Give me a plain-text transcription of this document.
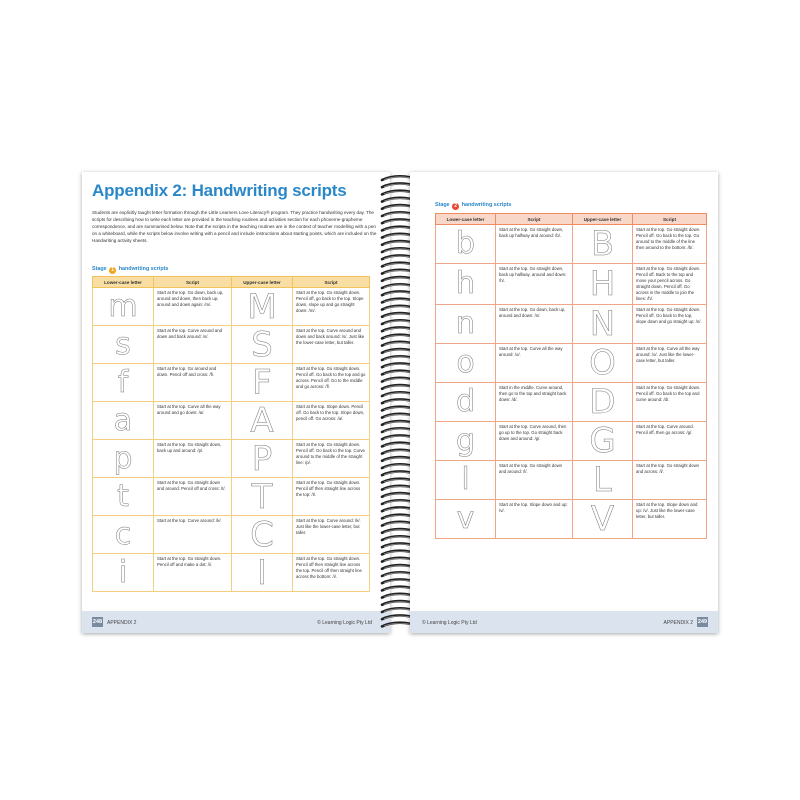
Appendix 2: Handwriting scripts
Students are explicitly taught letter formation through the Little Learners Love Literacy® program. They practice handwriting every day. The scripts for describing how to write each letter are provided in the teaching routines and activities section for each phoneme-grapheme correspondence, and are summarised below. Note that the scripts in the teaching routines are in the context of teacher modelling with a pen on a whiteboard, while the scripts below involve writing with a pencil and include instructions about starting points, which are included on the Handwriting activity sheets.
Stage 1 handwriting scripts
Lower-case letter	Script	Upper-case letter	Script
m	Start at the top. Go down, back up, around and down, then back up, around and down again: /m/.	M	Start at the top. Go straight down. Pencil off, go back to the top. Slope down, slope up and go straight down: /m/.
s	Start at the top. Curve around and down and back around: /s/.	S	Start at the top. Curve around and down and back around: /s/. Just like the lower-case letter, but taller.
f	Start at the top. Go around and down. Pencil off and cross: /f/.	F	Start at the top. Go straight down. Pencil off. Go back to the top and go across. Pencil off. Go to the middle and go across: /f/.
a	Start at the top. Curve all the way around and go down: /a/.	A	Start at the top. Slope down. Pencil off. Go back to the top. Slope down, pencil off. Go across: /a/.
p	Start at the top. Go straight down, back up and around: /p/.	P	Start at the top. Go straight down. Pencil off. Go back to the top. Curve around to the middle of the straight line: /p/.
t	Start at the top. Go straight down and around. Pencil off and cross: /t/.	T	Start at the top. Go straight down. Pencil off then straight line across the top: /t/.
c	Start at the top. Curve around: /k/.	C	Start at the top. Curve around: /k/. Just like the lower-case letter, but taller.
i	Start at the top. Go straight down. Pencil off and make a dot: /i/.	I	Start at the top. Go straight down. Pencil off then straight line across the top. Pencil off then straight line across the bottom: /i/.
248 APPENDIX 2	© Learning Logic Pty Ltd
Stage 2 handwriting scripts
Lower-case letter	Script	Upper-case letter	Script
b	Start at the top. Go straight down, back up halfway and around: /b/.	B	Start at the top. Go straight down. Pencil off. Go back to the top. Go around to the middle of the line then around to the bottom: /b/.
h	Start at the top. Go straight down, back up halfway, around and down: /h/.	H	Start at the top. Go straight down. Pencil off. Back to the top and move your pencil across. Go straight down. Pencil off. Go across in the middle to join the lines: /h/.
n	Start at the top. Go down, back up, around and down: /n/.	N	Start at the top. Go straight down. Pencil off. Go back to the top, slope down and go straight up: /n/.
o	Start at the top. Curve all the way around: /o/.	O	Start at the top. Curve all the way around: /o/. Just like the lower-case letter, but taller.
d	Start in the middle. Curve around, then go to the top and straight back down: /d/.	D	Start at the top. Go straight down. Pencil off. Go back to the top and curve around: /d/.
g	Start at the top. Curve around, then go up to the top. Go straight back down and around: /g/.	G	Start at the top. Curve around. Pencil off, then go across: /g/.
l	Start at the top. Go straight down and around: /l/.	L	Start at the top. Go straight down and across: /l/.
v	Start at the top. Slope down and up: /v/.	V	Start at the top. Slope down and up: /v/. Just like the lower-case letter, but taller.
© Learning Logic Pty Ltd	APPENDIX 2 249
